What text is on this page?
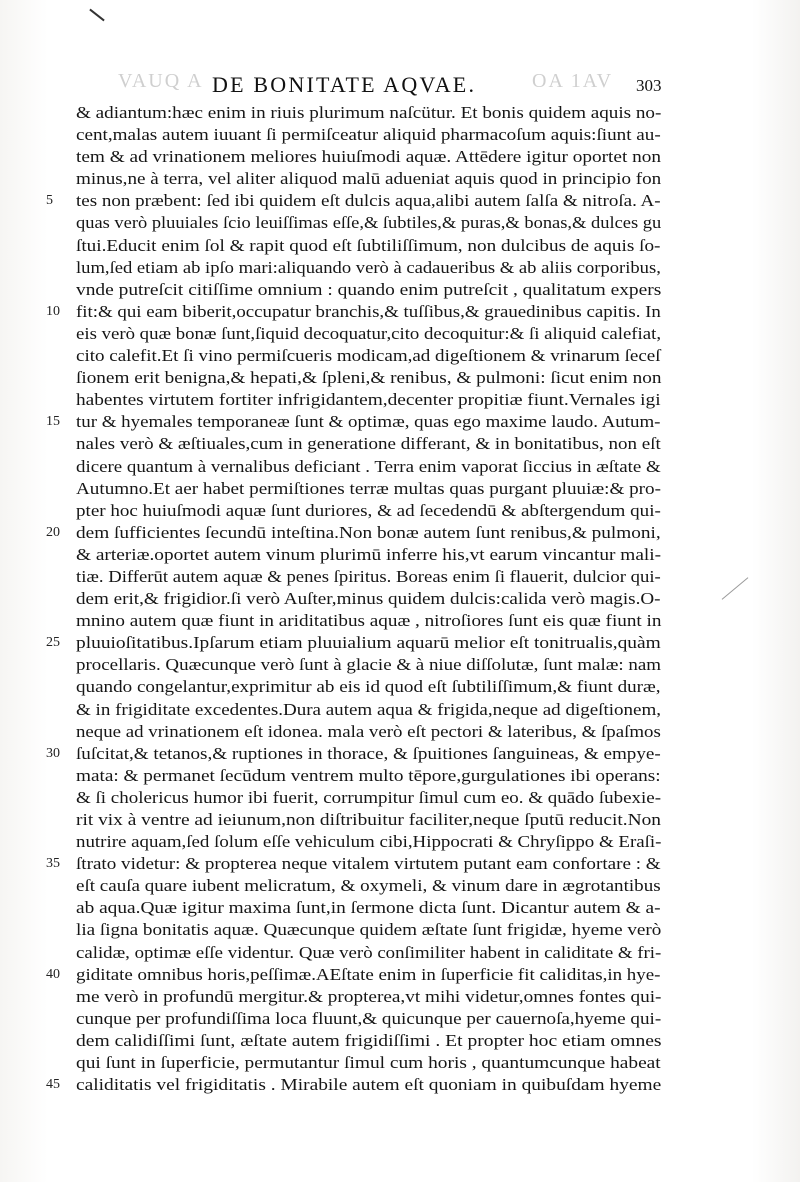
VAUQ A	OA 1AV
DE BONITATE AQVAE.	303
& adiantum:hæc enim in riuis plurimum naſcütur. Et bonis quidem aquis no-
cent,malas autem iuuant ſi permiſceatur aliquid pharmacoſum aquis:ſiunt au-
tem & ad vrinationem meliores huiuſmodi aquæ. Attēdere igitur oportet non
minus,ne à terra, vel aliter aliquod malū adueniat aquis quod in principio fon
5	tes non præbent: ſed ibi quidem eſt dulcis aqua,alibi autem ſalſa & nitroſa. A-
quas verò pluuiales ſcio leuiſſimas eſſe,& ſubtiles,& puras,& bonas,& dulces gu
ſtui.Educit enim ſol & rapit quod eſt ſubtiliſſimum, non dulcibus de aquis ſo-
lum,ſed etiam ab ipſo mari:aliquando verò à cadaueribus & ab aliis corporibus,
vnde putreſcit citiſſime omnium : quando enim putreſcit , qualitatum expers
10 fit:& qui eam biberit,occupatur branchis,& tuſſibus,& grauedinibus capitis. In
eis verò quæ bonæ ſunt,ſiquid decoquatur,cito decoquitur:& ſi aliquid calefiat,
cito calefit.Et ſi vino permiſcueris modicam,ad digeſtionem & vrinarum ſeceſ
ſionem erit benigna,& hepati,& ſpleni,& renibus, & pulmoni: ſicut enim non
habentes virtutem fortiter infrigidantem,decenter propitiæ fiunt.Vernales igi
15 tur & hyemales temporaneæ ſunt & optimæ, quas ego maxime laudo. Autum-
nales verò & æſtiuales,cum in generatione differant, & in bonitatibus, non eſt
dicere quantum à vernalibus deficiant . Terra enim vaporat ſiccius in æſtate &
Autumno.Et aer habet permiſtiones terræ multas quas purgant pluuiæ:& pro-
pter hoc huiuſmodi aquæ ſunt duriores, & ad ſecedendū & abſtergendum qui-
20 dem ſufficientes ſecundū inteſtina.Non bonæ autem ſunt renibus,& pulmoni,
& arteriæ.oportet autem vinum plurimū inferre his,vt earum vincantur mali-
tiæ. Differūt autem aquæ & penes ſpiritus. Boreas enim ſi flauerit, dulcior qui-
dem erit,& frigidior.ſi verò Auſter,minus quidem dulcis:calida verò magis.O-
mnino autem quæ fiunt in ariditatibus aquæ , nitroſiores ſunt eis quæ fiunt in
25 pluuioſitatibus.Ipſarum etiam pluuialium aquarū melior eſt tonitrualis,quàm
procellaris. Quæcunque verò ſunt à glacie & à niue diſſolutæ, ſunt malæ: nam
quando congelantur,exprimitur ab eis id quod eſt ſubtiliſſimum,& fiunt duræ,
& in frigiditate excedentes.Dura autem aqua & frigida,neque ad digeſtionem,
neque ad vrinationem eſt idonea. mala verò eſt pectori & lateribus, & ſpaſmos
30 ſuſcitat,& tetanos,& ruptiones in thorace, & ſpuitiones ſanguineas, & empye-
mata: & permanet ſecūdum ventrem multo tēpore,gurgulationes ibi operans:
& ſi cholericus humor ibi fuerit, corrumpitur ſimul cum eo. & quādo ſubexie-
rit vix à ventre ad ieiunum,non diſtribuitur faciliter,neque ſputū reducit.Non
nutrire aquam,ſed ſolum eſſe vehiculum cibi,Hippocrati & Chryſippo & Eraſi-
35 ſtrato videtur: & propterea neque vitalem virtutem putant eam confortare : &
eſt cauſa quare iubent melicratum, & oxymeli, & vinum dare in ægrotantibus
ab aqua.Quæ igitur maxima ſunt,in ſermone dicta ſunt. Dicantur autem & a-
lia ſigna bonitatis aquæ. Quæcunque quidem æſtate ſunt frigidæ, hyeme verò
calidæ, optimæ eſſe videntur. Quæ verò conſimiliter habent in caliditate & fri-
40 giditate omnibus horis,peſſimæ.AEſtate enim in ſuperficie fit caliditas,in hye-
me verò in profundū mergitur.& propterea,vt mihi videtur,omnes fontes qui-
cunque per profundiſſima loca fluunt,& quicunque per cauernoſa,hyeme qui-
dem calidiſſimi ſunt, æſtate autem frigidiſſimi . Et propter hoc etiam omnes
qui ſunt in ſuperficie, permutantur ſimul cum horis , quantumcunque habeat
45 caliditatis vel frigiditatis . Mirabile autem eſt quoniam in quibuſdam hyeme
